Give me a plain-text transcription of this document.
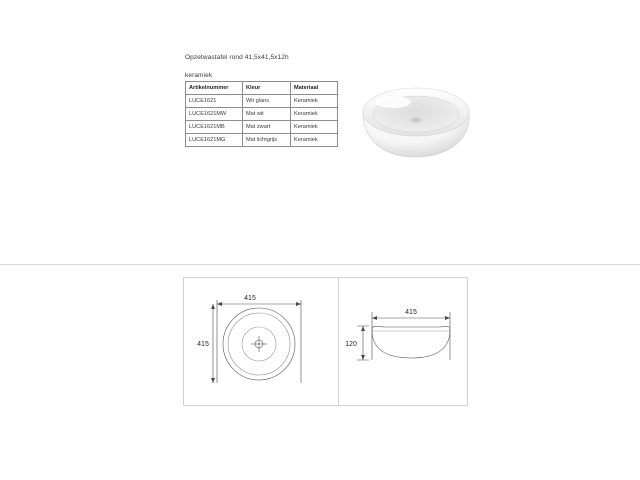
Opzetwastafel rond 41,5x41,5x12h

keramiek

Artikelnummer	Kleur	Materiaal
LUCE1621	Wit glans	Keramiek
LUCE1621MW	Mat wit	Keramiek
LUCE1621MB	Mat zwart	Keramiek
LUCE1621MG	Mat lichtgrijs	Keramiek
415
415
415
120
